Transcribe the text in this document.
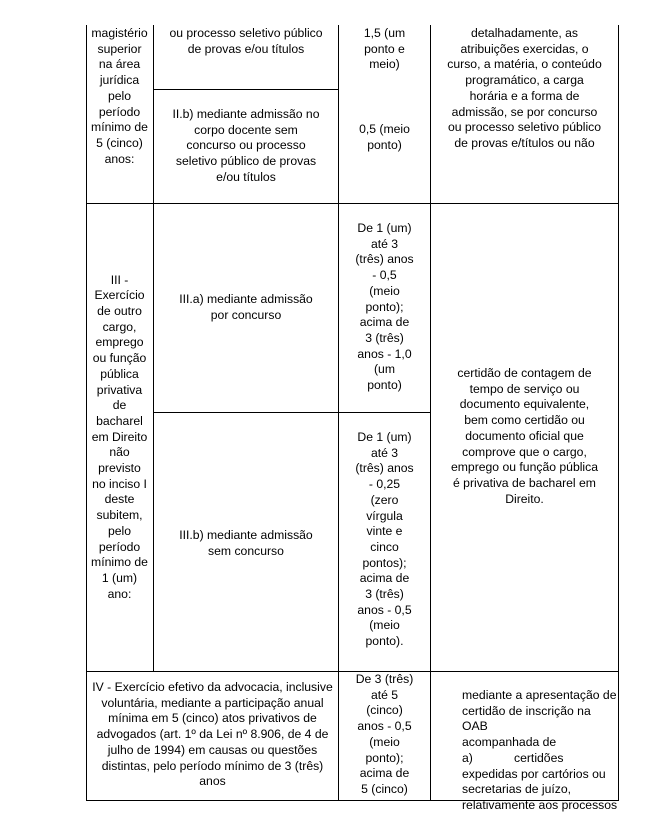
magistério
superior
na área
jurídica
pelo
período
mínimo de
5 (cinco)
anos:
ou processo seletivo público
de provas e/ou títulos
1,5 (um
ponto e
meio)
II.b) mediante admissão no
corpo docente sem
concurso ou processo
seletivo público de provas
e/ou títulos
0,5 (meio
ponto)
detalhadamente, as
atribuições exercidas, o
curso, a matéria, o conteúdo
programático, a carga
horária e a forma de
admissão, se por concurso
ou processo seletivo público
de provas e/títulos ou não
III -
Exercício
de outro
cargo,
emprego
ou função
pública
privativa
de
bacharel
em Direito
não
previsto
no inciso I
deste
subitem,
pelo
período
mínimo de
1 (um)
ano:
III.a) mediante admissão
por concurso
De 1 (um)
até 3
(três) anos
- 0,5
(meio
ponto);
acima de
3 (três)
anos - 1,0
(um
ponto)
III.b) mediante admissão
sem concurso
De 1 (um)
até 3
(três) anos
- 0,25
(zero
vírgula
vinte e
cinco
pontos);
acima de
3 (três)
anos - 0,5
(meio
ponto).
certidão de contagem de
tempo de serviço ou
documento equivalente,
bem como certidão ou
documento oficial que
comprove que o cargo,
emprego ou função pública
é privativa de bacharel em
Direito.
IV - Exercício efetivo da advocacia, inclusive
voluntária, mediante a participação anual
mínima em 5 (cinco) atos privativos de
advogados (art. 1º da Lei nº 8.906, de 4 de
julho de 1994) em causas ou questões
distintas, pelo período mínimo de 3 (três)
anos
De 3 (três)
até 5
(cinco)
anos - 0,5
(meio
ponto);
acima de
5 (cinco)
mediante a apresentação de
certidão de inscrição na OAB
acompanhada de
a)	certidões
expedidas por cartórios ou
secretarias de juízo,
relativamente aos processos
